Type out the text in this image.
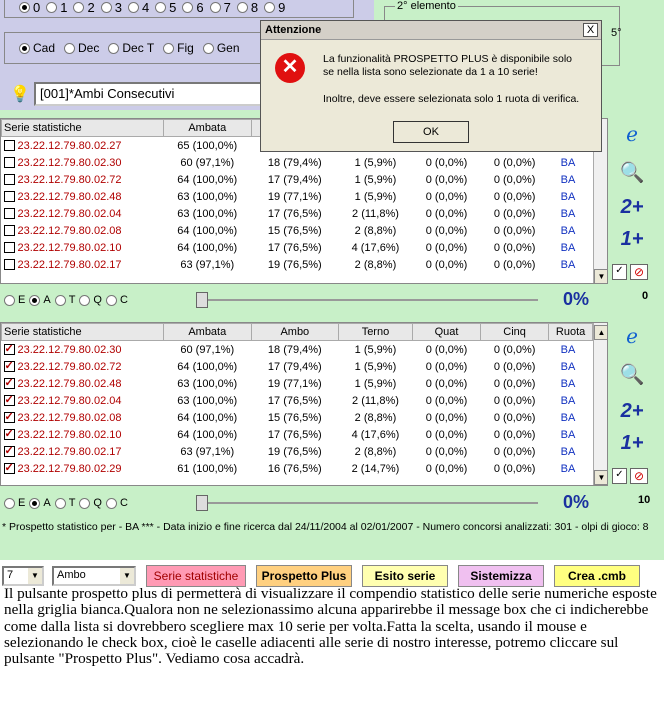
0 1 2 3 4 5 6 7 8 9
Cad Dec Dec T Fig Gen
💡 [001]*Ambi Consecutivi
2° elemento
5°
Serie statistiche	Ambata					
23.22.12.79.80.02.27	65 (100,0%)					
23.22.12.79.80.02.30	60 (97,1%)	18 (79,4%)	1 (5,9%)	0 (0,0%)	0 (0,0%)	BA
23.22.12.79.80.02.72	64 (100,0%)	17 (79,4%)	1 (5,9%)	0 (0,0%)	0 (0,0%)	BA
23.22.12.79.80.02.48	63 (100,0%)	19 (77,1%)	1 (5,9%)	0 (0,0%)	0 (0,0%)	BA
23.22.12.79.80.02.04	63 (100,0%)	17 (76,5%)	2 (11,8%)	0 (0,0%)	0 (0,0%)	BA
23.22.12.79.80.02.08	64 (100,0%)	15 (76,5%)	2 (8,8%)	0 (0,0%)	0 (0,0%)	BA
23.22.12.79.80.02.10	64 (100,0%)	17 (76,5%)	4 (17,6%)	0 (0,0%)	0 (0,0%)	BA
23.22.12.79.80.02.17	63 (97,1%)	19 (76,5%)	2 (8,8%)	0 (0,0%)	0 (0,0%)	BA
▼
E A T Q C	0%
Serie statistiche	Ambata	Ambo	Terno	Quat	Cinq	Ruota
✓23.22.12.79.80.02.30	60 (97,1%)	18 (79,4%)	1 (5,9%)	0 (0,0%)	0 (0,0%)	BA
✓23.22.12.79.80.02.72	64 (100,0%)	17 (79,4%)	1 (5,9%)	0 (0,0%)	0 (0,0%)	BA
✓23.22.12.79.80.02.48	63 (100,0%)	19 (77,1%)	1 (5,9%)	0 (0,0%)	0 (0,0%)	BA
✓23.22.12.79.80.02.04	63 (100,0%)	17 (76,5%)	2 (11,8%)	0 (0,0%)	0 (0,0%)	BA
✓23.22.12.79.80.02.08	64 (100,0%)	15 (76,5%)	2 (8,8%)	0 (0,0%)	0 (0,0%)	BA
✓23.22.12.79.80.02.10	64 (100,0%)	17 (76,5%)	4 (17,6%)	0 (0,0%)	0 (0,0%)	BA
✓23.22.12.79.80.02.17	63 (97,1%)	19 (76,5%)	2 (8,8%)	0 (0,0%)	0 (0,0%)	BA
✓23.22.12.79.80.02.29	61 (100,0%)	16 (76,5%)	2 (14,7%)	0 (0,0%)	0 (0,0%)	BA
▲
▼
E A T Q C	0%
* Prospetto statistico per - BA *** - Data inizio e fine ricerca dal 24/11/2004 al 02/01/2007 - Numero concorsi analizzati: 301 - olpi di gioco: 8
ℯ
🔍
2+
1+
✓ ⊘
0
ℯ
🔍
2+
1+
✓ ⊘
10
7	▼	Ambo	▼	Serie statistiche	Prospetto Plus	Esito serie	Sistemizza	Crea .cmb
Attenzione	X
✕	La funzionalità PROSPETTO PLUS è disponibile solo
se nella lista sono selezionate da 1 a 10 serie!
Inoltre, deve essere selezionata solo 1 ruota di verifica.
OK
Il pulsante prospetto plus di permetterà di visualizzare il compendio statistico delle serie numeriche esposte nella griglia bianca.Qualora non ne selezionassimo alcuna apparirebbe il message box che ci indicherebbe come dalla lista si dovrebbero scegliere max 10 serie per volta.Fatta la scelta, usando il mouse e selezionando le check box, cioè le caselle adiacenti alle serie di nostro interesse, potremo cliccare sul pulsante "Prospetto Plus". Vediamo cosa accadrà.
